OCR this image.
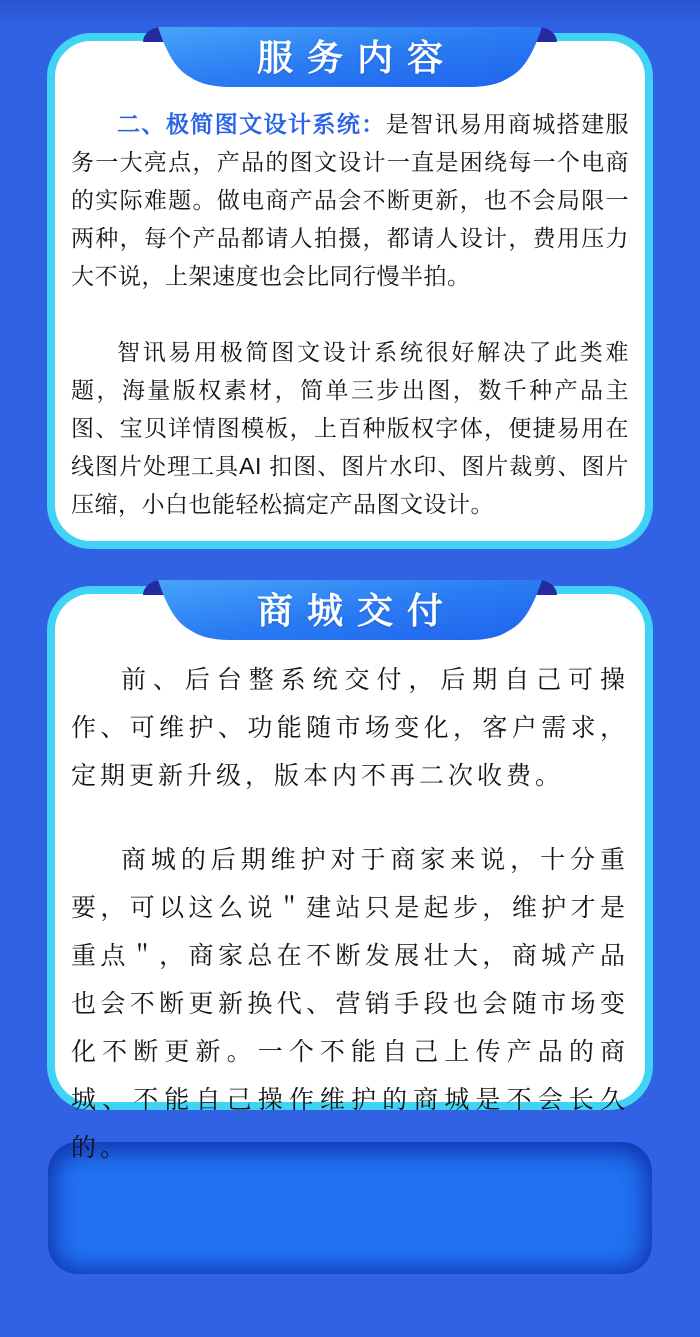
服务内容

二、极简图文设计系统：是智讯易用商城搭建服务一大亮点，产品的图文设计一直是困绕每一个电商的实际难题。做电商产品会不断更新，也不会局限一两种，每个产品都请人拍摄，都请人设计，费用压力大不说，上架速度也会比同行慢半拍。

智讯易用极简图文设计系统很好解决了此类难题，海量版权素材，简单三步出图，数千种产品主图、宝贝详情图模板，上百种版权字体，便捷易用在线图片处理工具AI 扣图、图片水印、图片裁剪、图片压缩，小白也能轻松搞定产品图文设计。

商城交付

前、后台整系统交付，后期自己可操作、可维护、功能随市场变化，客户需求，定期更新升级，版本内不再二次收费。

商城的后期维护对于商家来说，十分重要，可以这么说＂建站只是起步，维护才是重点＂，商家总在不断发展壮大，商城产品也会不断更新换代、营销手段也会随市场变化不断更新。一个不能自己上传产品的商城、不能自己操作维护的商城是不会长久的。
